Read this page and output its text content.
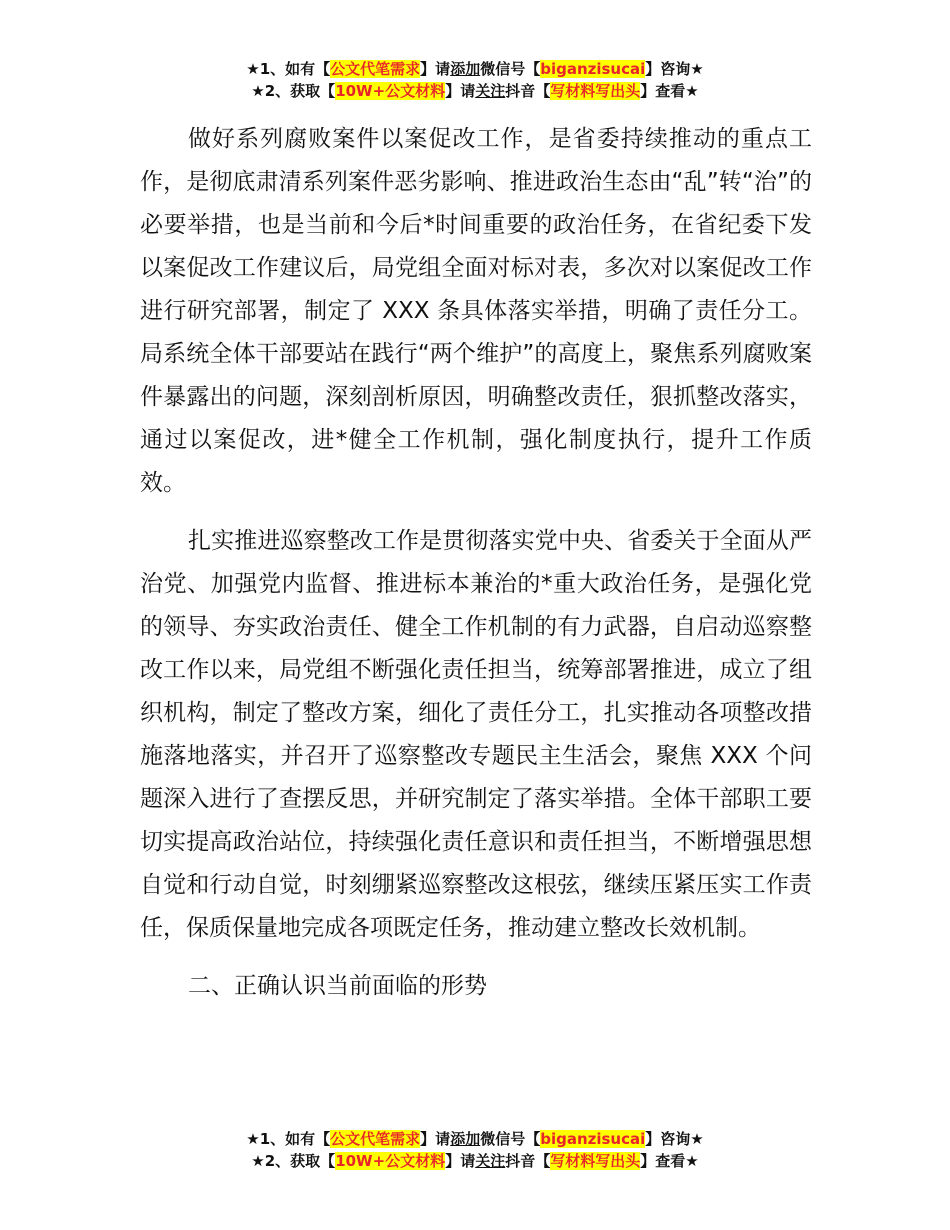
★1、如有【公文代笔需求】请添加微信号【biganzisucai】咨询★
★2、获取【10W+公文材料】请关注抖音【写材料写出头】查看★

做好系列腐败案件以案促改工作，是省委持续推动的重点工作，是彻底肃清系列案件恶劣影响、推进政治生态由“乱”转“治”的必要举措，也是当前和今后*时间重要的政治任务，在省纪委下发以案促改工作建议后，局党组全面对标对表，多次对以案促改工作进行研究部署，制定了 XXX 条具体落实举措，明确了责任分工。局系统全体干部要站在践行“两个维护”的高度上，聚焦系列腐败案件暴露出的问题，深刻剖析原因，明确整改责任，狠抓整改落实，通过以案促改，进*健全工作机制，强化制度执行，提升工作质效。

扎实推进巡察整改工作是贯彻落实党中央、省委关于全面从严治党、加强党内监督、推进标本兼治的*重大政治任务，是强化党的领导、夯实政治责任、健全工作机制的有力武器，自启动巡察整改工作以来，局党组不断强化责任担当，统筹部署推进，成立了组织机构，制定了整改方案，细化了责任分工，扎实推动各项整改措施落地落实，并召开了巡察整改专题民主生活会，聚焦 XXX 个问题深入进行了查摆反思，并研究制定了落实举措。全体干部职工要切实提高政治站位，持续强化责任意识和责任担当，不断增强思想自觉和行动自觉，时刻绷紧巡察整改这根弦，继续压紧压实工作责任，保质保量地完成各项既定任务，推动建立整改长效机制。

二、正确认识当前面临的形势

★1、如有【公文代笔需求】请添加微信号【biganzisucai】咨询★
★2、获取【10W+公文材料】请关注抖音【写材料写出头】查看★
